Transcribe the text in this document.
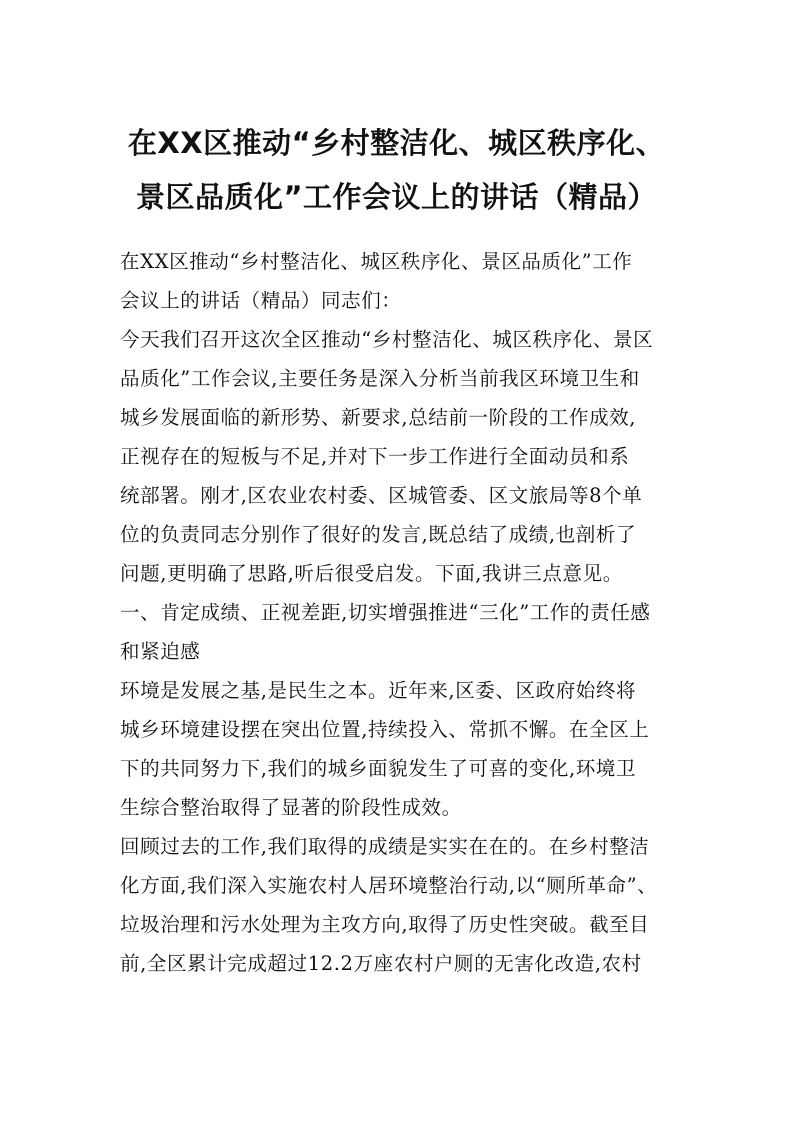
在XX区推动“乡村整洁化、城区秩序化、
景区品质化”工作会议上的讲话（精品）
在XX区推动“乡村整洁化、城区秩序化、景区品质化”工作
会议上的讲话（精品）同志们：
今天我们召开这次全区推动“乡村整洁化、城区秩序化、景区
品质化”工作会议,主要任务是深入分析当前我区环境卫生和
城乡发展面临的新形势、新要求,总结前一阶段的工作成效,
正视存在的短板与不足,并对下一步工作进行全面动员和系
统部署。刚才,区农业农村委、区城管委、区文旅局等8个单
位的负责同志分别作了很好的发言,既总结了成绩,也剖析了
问题,更明确了思路,听后很受启发。下面,我讲三点意见。
一、肯定成绩、正视差距,切实增强推进“三化”工作的责任感
和紧迫感
环境是发展之基,是民生之本。近年来,区委、区政府始终将
城乡环境建设摆在突出位置,持续投入、常抓不懈。在全区上
下的共同努力下,我们的城乡面貌发生了可喜的变化,环境卫
生综合整治取得了显著的阶段性成效。
回顾过去的工作,我们取得的成绩是实实在在的。在乡村整洁
化方面,我们深入实施农村人居环境整治行动,以“厕所革命”、
垃圾治理和污水处理为主攻方向,取得了历史性突破。截至目
前,全区累计完成超过12.2万座农村户厕的无害化改造,农村
